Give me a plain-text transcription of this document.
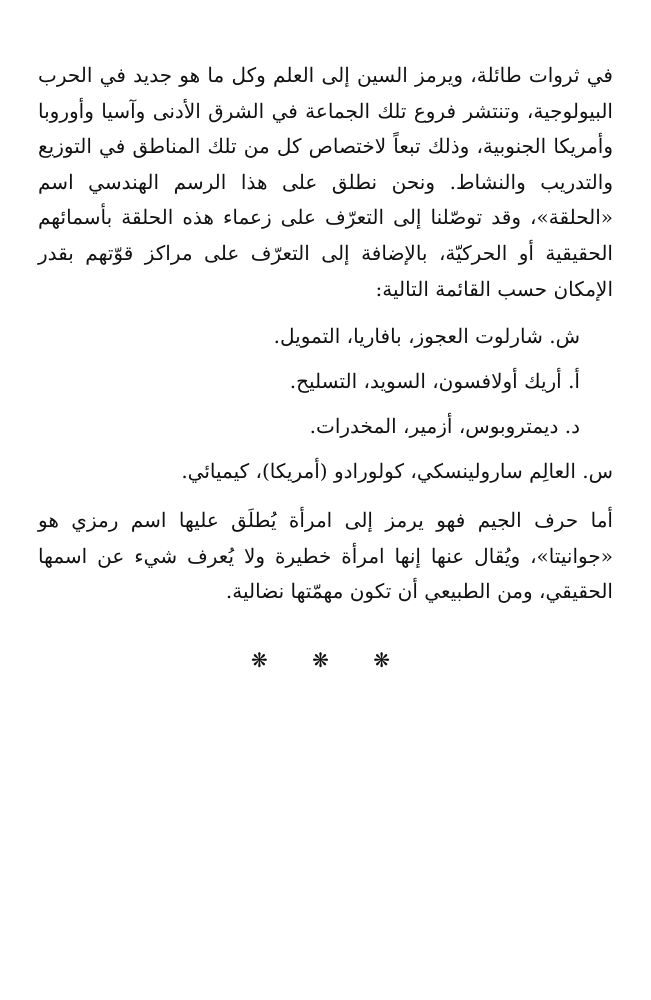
في ثروات طائلة، ويرمز السين إلى العلم وكل ما هو جديد في الحرب البيولوجية، وتنتشر فروع تلك الجماعة في الشرق الأدنى وآسيا وأوروبا وأمريكا الجنوبية، وذلك تبعاً لاختصاص كل من تلك المناطق في التوزيع والتدريب والنشاط. ونحن نطلق على هذا الرسم الهندسي اسم «الحلقة»، وقد توصّلنا إلى التعرّف على زعماء هذه الحلقة بأسمائهم الحقيقية أو الحركيّة، بالإضافة إلى التعرّف على مراكز قوّتهم بقدر الإمكان حسب القائمة التالية:

ش. شارلوت العجوز، بافاريا، التمويل.
أ. أريك أولافسون، السويد، التسليح.
د. ديمتروبوس، أزمير، المخدرات.
س. العالِم سارولينسكي، كولورادو (أمريكا)، كيميائي.

أما حرف الجيم فهو يرمز إلى امرأة يُطلَق عليها اسم رمزي هو «جوانيتا»، ويُقال عنها إنها امرأة خطيرة ولا يُعرف شيء عن اسمها الحقيقي، ومن الطبيعي أن تكون مهمّتها نضالية.

❋ ❋ ❋
